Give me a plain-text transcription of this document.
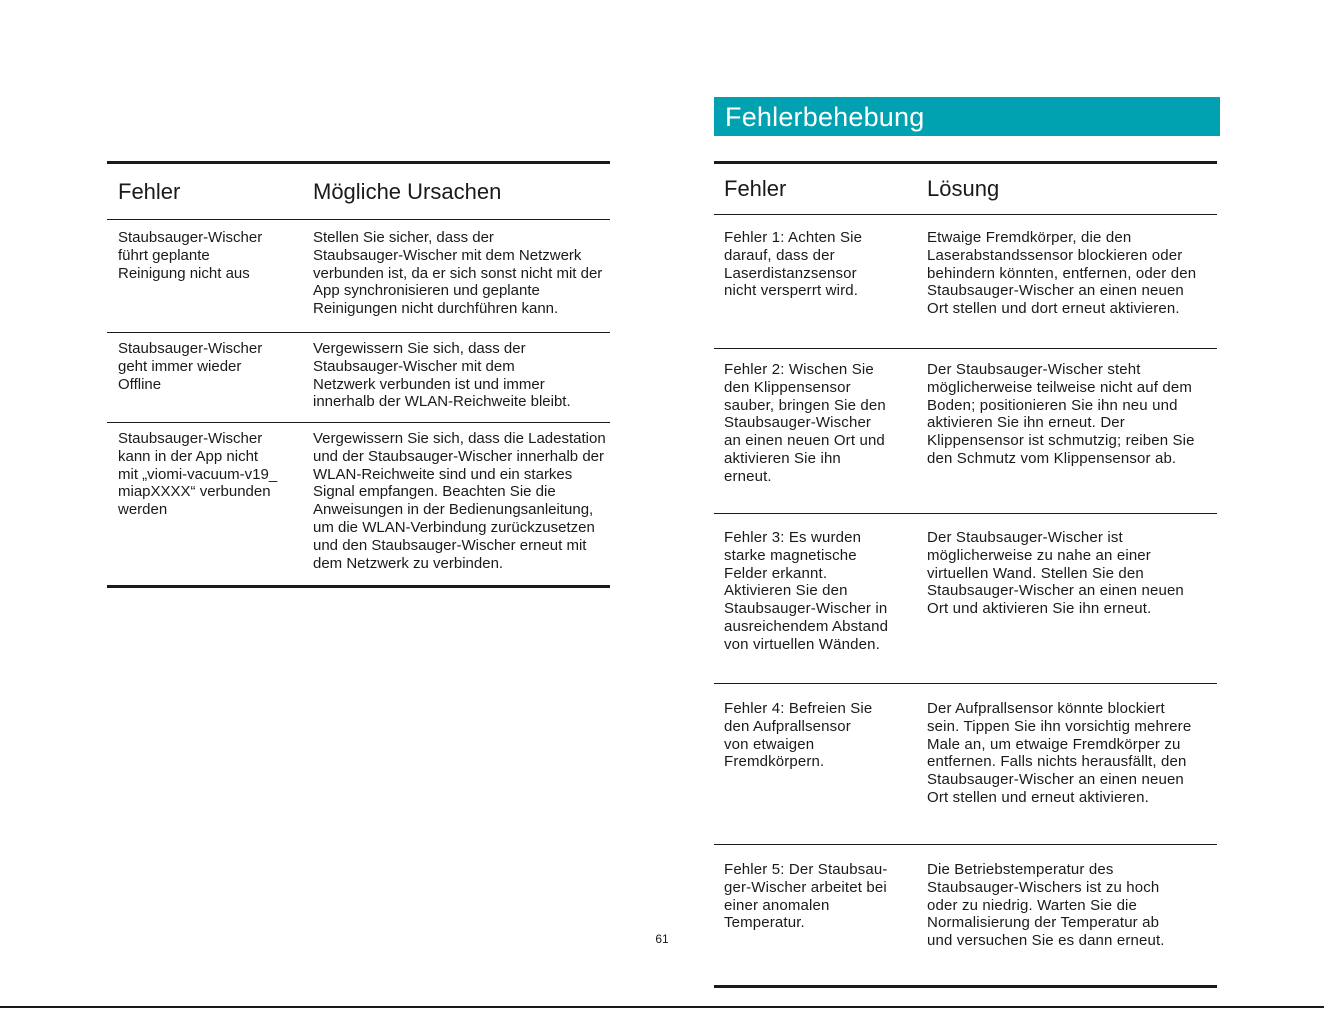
Fehler	Mögliche Ursachen
Staubsauger-Wischer
führt geplante
Reinigung nicht aus
Stellen Sie sicher, dass der
Staubsauger-Wischer mit dem Netzwerk
verbunden ist, da er sich sonst nicht mit der
App synchronisieren und geplante
Reinigungen nicht durchführen kann.
Staubsauger-Wischer
geht immer wieder
Offline
Vergewissern Sie sich, dass der
Staubsauger-Wischer mit dem
Netzwerk verbunden ist und immer
innerhalb der WLAN-Reichweite bleibt.
Staubsauger-Wischer
kann in der App nicht
mit „viomi-vacuum-v19_
miapXXXX“ verbunden
werden
Vergewissern Sie sich, dass die Ladestation
und der Staubsauger-Wischer innerhalb der
WLAN-Reichweite sind und ein starkes
Signal empfangen. Beachten Sie die
Anweisungen in der Bedienungsanleitung,
um die WLAN-Verbindung zurückzusetzen
und den Staubsauger-Wischer erneut mit
dem Netzwerk zu verbinden.
Fehlerbehebung
Fehler	Lösung
Fehler 1: Achten Sie
darauf, dass der
Laserdistanzsensor
nicht versperrt wird.
Etwaige Fremdkörper, die den
Laserabstandssensor blockieren oder
behindern könnten, entfernen, oder den
Staubsauger-Wischer an einen neuen
Ort stellen und dort erneut aktivieren.
Fehler 2: Wischen Sie
den Klippensensor
sauber, bringen Sie den
Staubsauger-Wischer
an einen neuen Ort und
aktivieren Sie ihn
erneut.
Der Staubsauger-Wischer steht
möglicherweise teilweise nicht auf dem
Boden; positionieren Sie ihn neu und
aktivieren Sie ihn erneut. Der
Klippensensor ist schmutzig; reiben Sie
den Schmutz vom Klippensensor ab.
Fehler 3: Es wurden
starke magnetische
Felder erkannt.
Aktivieren Sie den
Staubsauger-Wischer in
ausreichendem Abstand
von virtuellen Wänden.
Der Staubsauger-Wischer ist
möglicherweise zu nahe an einer
virtuellen Wand. Stellen Sie den
Staubsauger-Wischer an einen neuen
Ort und aktivieren Sie ihn erneut.
Fehler 4: Befreien Sie
den Aufprallsensor
von etwaigen
Fremdkörpern.
Der Aufprallsensor könnte blockiert
sein. Tippen Sie ihn vorsichtig mehrere
Male an, um etwaige Fremdkörper zu
entfernen. Falls nichts herausfällt, den
Staubsauger-Wischer an einen neuen
Ort stellen und erneut aktivieren.
Fehler 5: Der Staubsau-
ger-Wischer arbeitet bei
einer anomalen
Temperatur.
Die Betriebstemperatur des
Staubsauger-Wischers ist zu hoch
oder zu niedrig. Warten Sie die
Normalisierung der Temperatur ab
und versuchen Sie es dann erneut.
61
